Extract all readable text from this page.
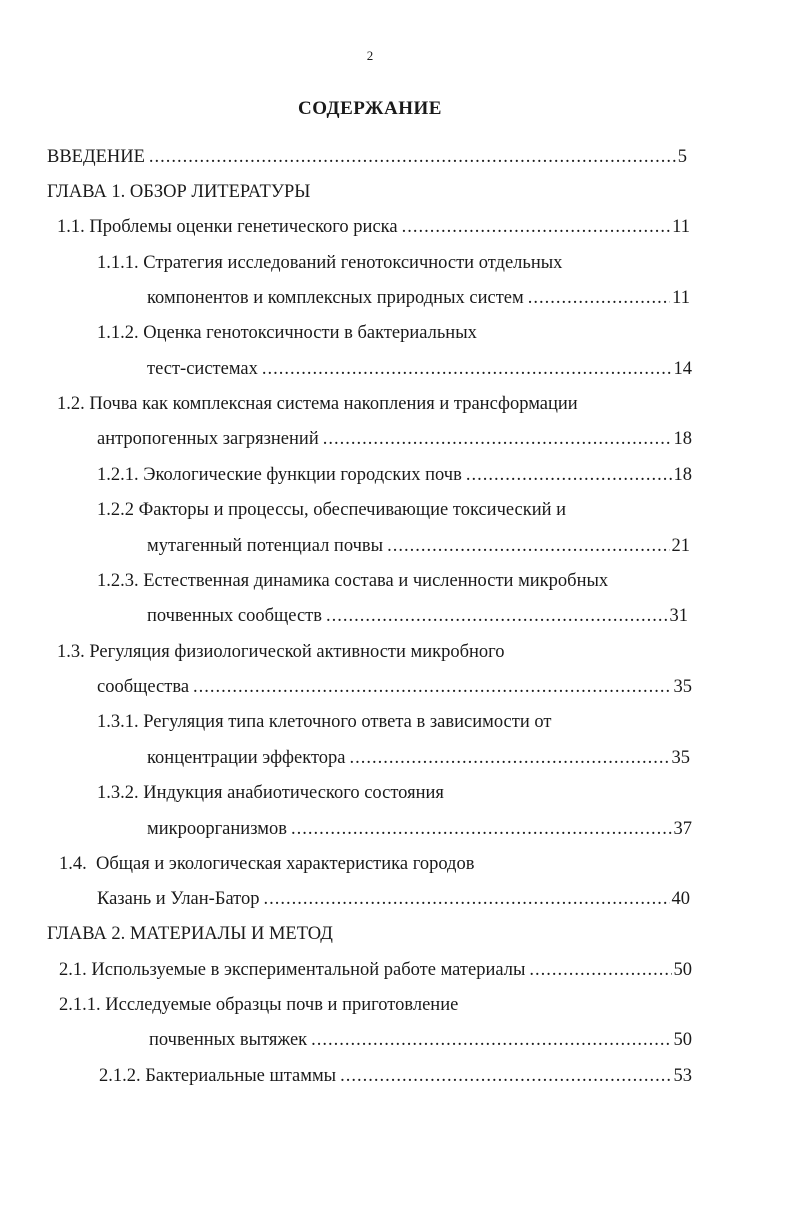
2
СОДЕРЖАНИЕ
ВВЕДЕНИЕ .....	5
ГЛАВА 1. ОБЗОР ЛИТЕРАТУРЫ
1.1. Проблемы оценки генетического риска .....	11
1.1.1. Стратегия исследований генотоксичности отдельных
компонентов и комплексных природных систем .....	11
1.1.2. Оценка генотоксичности в бактериальных
тест-системах .....	14
1.2. Почва как комплексная система накопления и трансформации
антропогенных загрязнений .....	18
1.2.1. Экологические функции городских почв .....	18
1.2.2 Факторы и процессы, обеспечивающие токсический и
мутагенный потенциал почвы .....	21
1.2.3. Естественная динамика состава и численности микробных
почвенных сообществ .....	31
1.3. Регуляция физиологической активности микробного
сообщества .....	35
1.3.1. Регуляция типа клеточного ответа в зависимости от
концентрации эффектора .....	35
1.3.2. Индукция анабиотического состояния
микроорганизмов .....	37
1.4.  Общая и экологическая характеристика городов
Казань и Улан-Батор .....	40
ГЛАВА 2. МАТЕРИАЛЫ И МЕТОД
2.1. Используемые в экспериментальной работе материалы .....	50
2.1.1. Исследуемые образцы почв и приготовление
почвенных вытяжек .....	50
2.1.2. Бактериальные штаммы .....	53
